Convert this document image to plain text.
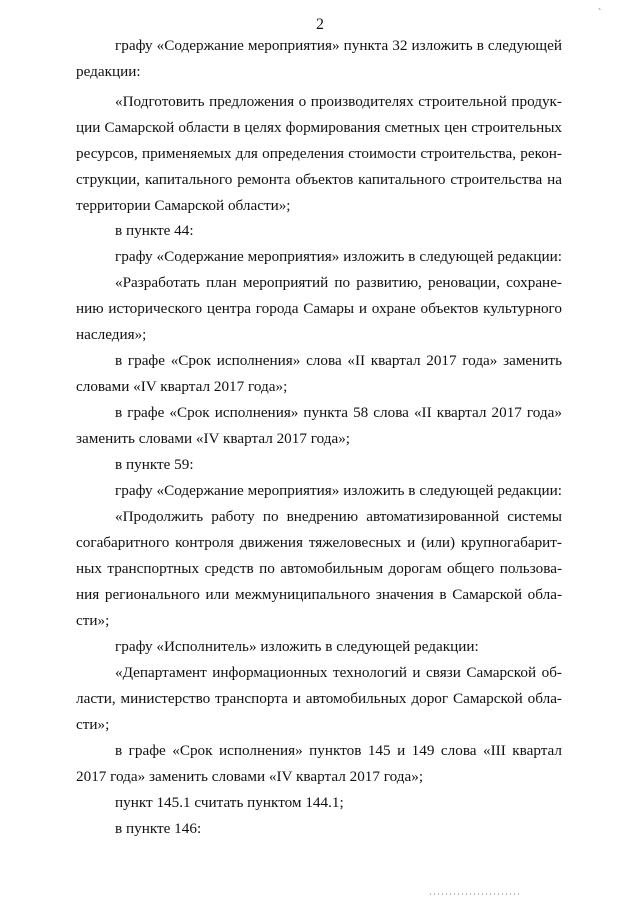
2
ˋ
графу «Содержание мероприятия» пункта 32 изложить в следующей
редакции:
«Подготовить предложения о производителях строительной продук-
ции Самарской области в целях формирования сметных цен строительных
ресурсов, применяемых для определения стоимости строительства, рекон-
струкции, капитального ремонта объектов капитального строительства на
территории Самарской области»;
в пункте 44:
графу «Содержание мероприятия» изложить в следующей редакции:
«Разработать план мероприятий по развитию, реновации, сохране-
нию исторического центра города Самары и охране объектов культурного
наследия»;
в графе «Срок исполнения» слова «II квартал 2017 года» заменить
словами «IV квартал 2017 года»;
в графе «Срок исполнения» пункта 58 слова «II квартал 2017 года»
заменить словами «IV квартал 2017 года»;
в пункте 59:
графу «Содержание мероприятия» изложить в следующей редакции:
«Продолжить работу по внедрению автоматизированной системы
согабаритного контроля движения тяжеловесных и (или) крупногабарит-
ных транспортных средств по автомобильным дорогам общего пользова-
ния регионального или межмуниципального значения в Самарской обла-
сти»;
графу «Исполнитель» изложить в следующей редакции:
«Департамент информационных технологий и связи Самарской об-
ласти, министерство транспорта и автомобильных дорог Самарской обла-
сти»;
в графе «Срок исполнения» пунктов 145 и 149 слова «III квартал
2017 года» заменить словами «IV квартал 2017 года»;
пункт 145.1 считать пунктом 144.1;
в пункте 146:
